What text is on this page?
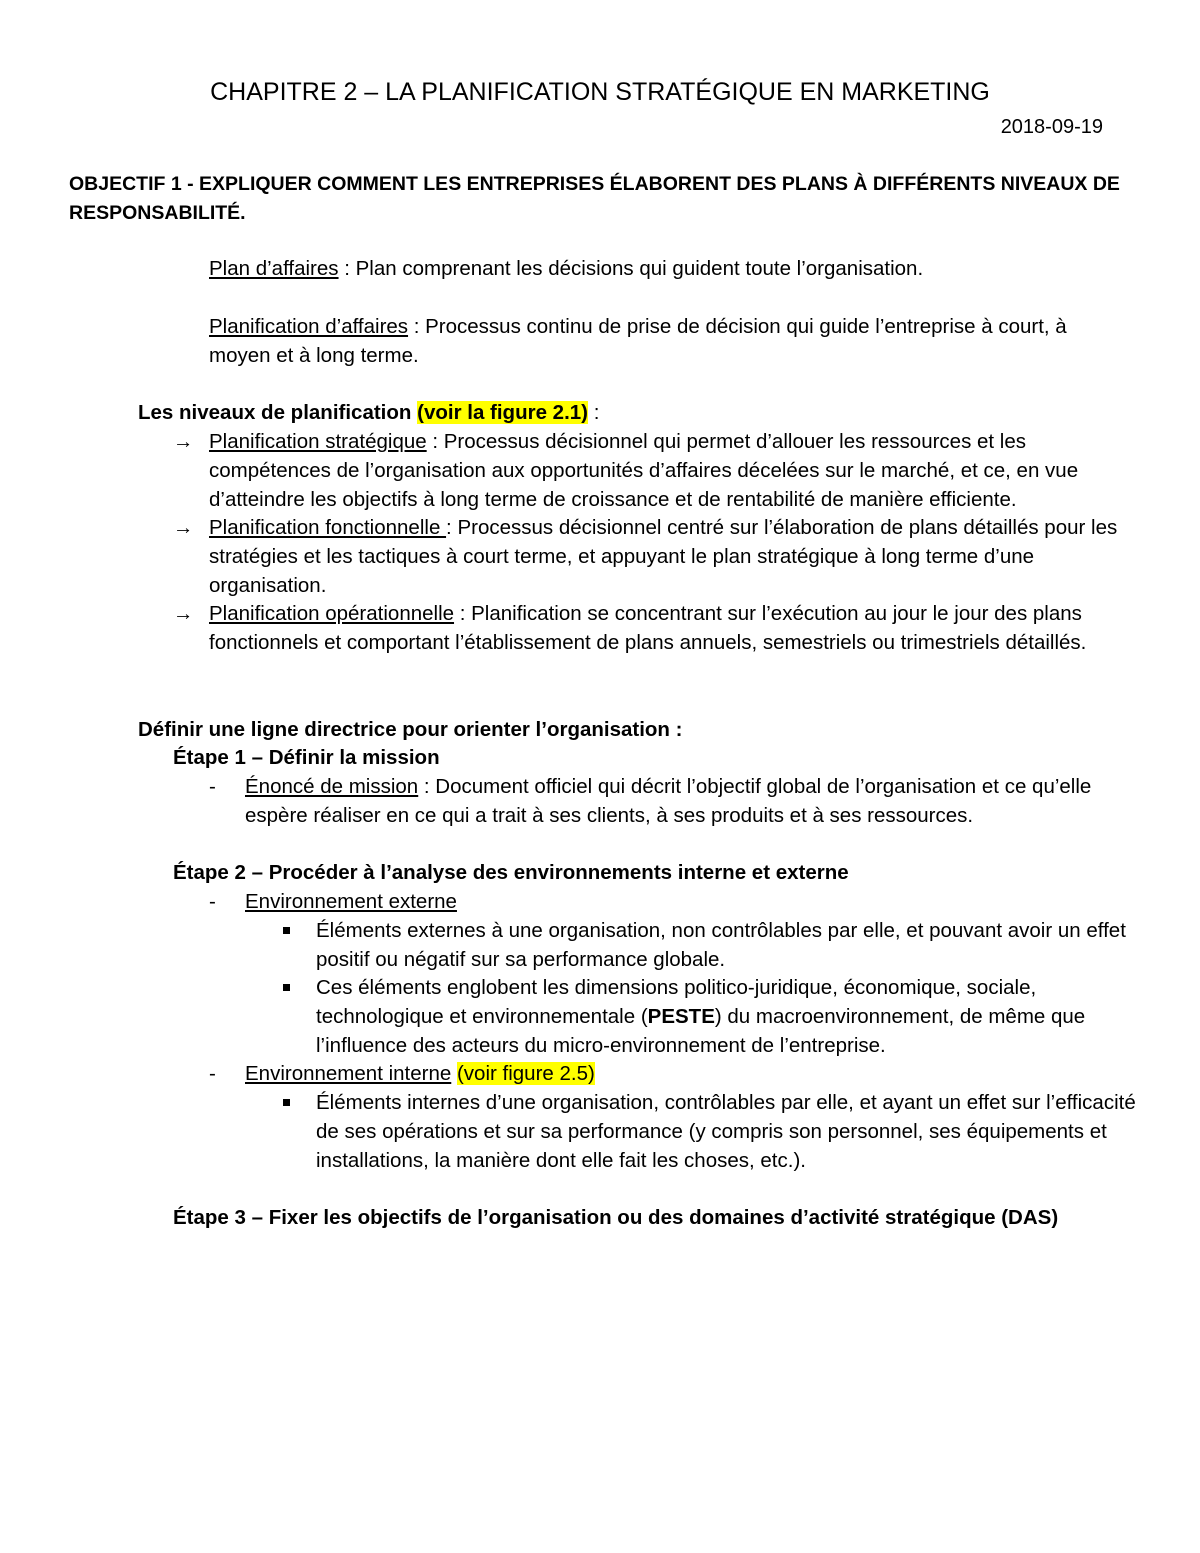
CHAPITRE 2 – LA PLANIFICATION STRATÉGIQUE EN MARKETING
2018-09-19
OBJECTIF 1 - EXPLIQUER COMMENT LES ENTREPRISES ÉLABORENT DES PLANS À DIFFÉRENTS NIVEAUX DE
RESPONSABILITÉ.

Plan d’affaires : Plan comprenant les décisions qui guident toute l’organisation.

Planification d’affaires : Processus continu de prise de décision qui guide l’entreprise à court, à moyen et à long terme.

Les niveaux de planification (voir la figure 2.1) :

→ Planification stratégique : Processus décisionnel qui permet d’allouer les ressources et les compétences de l’organisation aux opportunités d’affaires décelées sur le marché, et ce, en vue d’atteindre les objectifs à long terme de croissance et de rentabilité de manière efficiente.
→ Planification fonctionnelle : Processus décisionnel centré sur l’élaboration de plans détaillés pour les stratégies et les tactiques à court terme, et appuyant le plan stratégique à long terme d’une organisation.
→ Planification opérationnelle : Planification se concentrant sur l’exécution au jour le jour des plans fonctionnels et comportant l’établissement de plans annuels, semestriels ou trimestriels détaillés.

Définir une ligne directrice pour orienter l’organisation :

Étape 1 – Définir la mission

- Énoncé de mission : Document officiel qui décrit l’objectif global de l’organisation et ce qu’elle espère réaliser en ce qui a trait à ses clients, à ses produits et à ses ressources.

Étape 2 – Procéder à l’analyse des environnements interne et externe

- Environnement externe
Éléments externes à une organisation, non contrôlables par elle, et pouvant avoir un effet positif ou négatif sur sa performance globale.
Ces éléments englobent les dimensions politico-juridique, économique, sociale, technologique et environnementale (PESTE) du macroenvironnement, de même que l’influence des acteurs du micro-environnement de l’entreprise.
- Environnement interne (voir figure 2.5)
Éléments internes d’une organisation, contrôlables par elle, et ayant un effet sur l’efficacité de ses opérations et sur sa performance (y compris son personnel, ses équipements et installations, la manière dont elle fait les choses, etc.).

Étape 3 – Fixer les objectifs de l’organisation ou des domaines d’activité stratégique (DAS)
